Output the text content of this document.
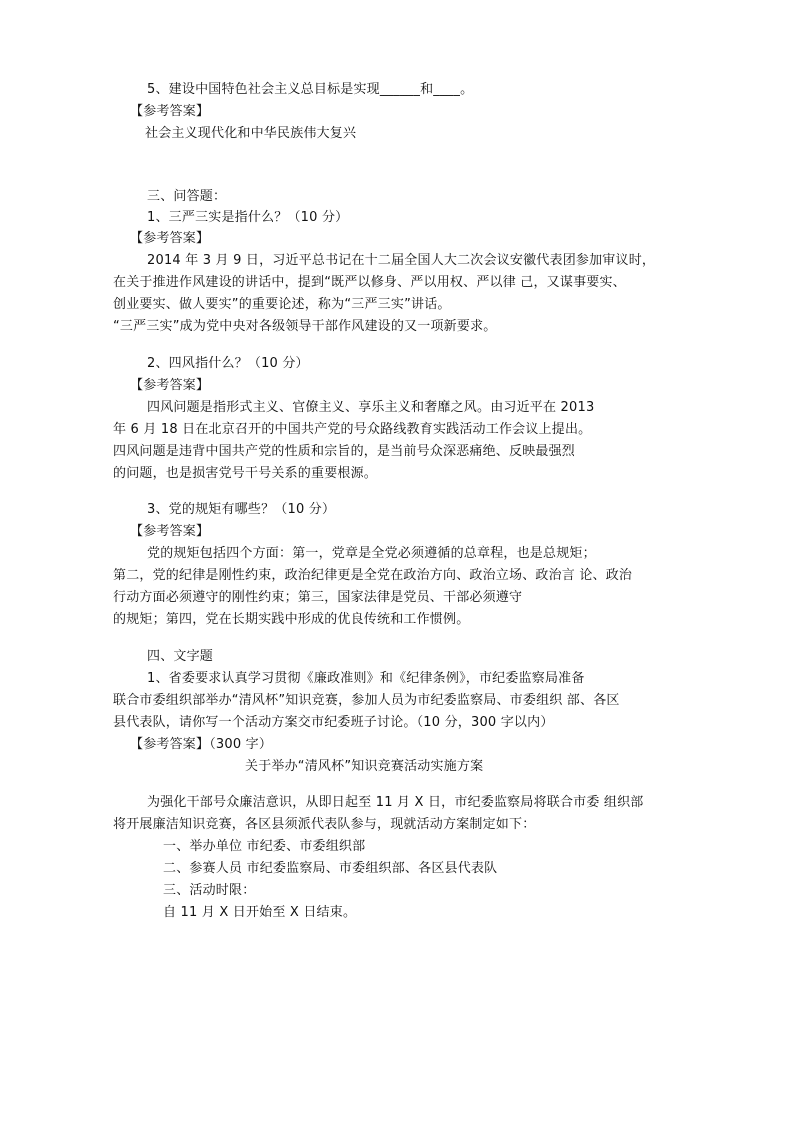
5、建设中国特色社会主义总目标是实现______和____。
【参考答案】
社会主义现代化和中华民族伟大复兴
三、问答题：
1、三严三实是指什么？（10 分）
【参考答案】
2014 年 3 月 9 日，习近平总书记在十二届全国人大二次会议安徽代表团参加审议时，
在关于推进作风建设的讲话中，提到“既严以修身、严以用权、严以律 己，又谋事要实、
创业要实、做人要实”的重要论述，称为“三严三实”讲话。
“三严三实”成为党中央对各级领导干部作风建设的又一项新要求。
2、四风指什么？（10 分）
【参考答案】
四风问题是指形式主义、官僚主义、享乐主义和奢靡之风。由习近平在 2013
年 6 月 18 日在北京召开的中国共产党的号众路线教育实践活动工作会议上提出。
四风问题是违背中国共产党的性质和宗旨的，是当前号众深恶痛绝、反映最强烈
的问题，也是损害党号干号关系的重要根源。
3、党的规矩有哪些？（10 分）
【参考答案】
党的规矩包括四个方面：第一，党章是全党必须遵循的总章程，也是总规矩；
第二，党的纪律是刚性约束，政治纪律更是全党在政治方向、政治立场、政治言 论、政治
行动方面必须遵守的刚性约束；第三，国家法律是党员、干部必须遵守
的规矩；第四，党在长期实践中形成的优良传统和工作惯例。
四、文字题
1、省委要求认真学习贯彻《廉政准则》和《纪律条例》，市纪委监察局准备
联合市委组织部举办“清风杯”知识竞赛，参加人员为市纪委监察局、市委组织 部、各区
县代表队，请你写一个活动方案交市纪委班子讨论。（10 分，300 字以内）
【参考答案】（300 字）
关于举办“清风杯”知识竞赛活动实施方案
为强化干部号众廉洁意识，从即日起至 11 月 X 日，市纪委监察局将联合市委 组织部
将开展廉洁知识竞赛，各区县须派代表队参与，现就活动方案制定如下：
一、举办单位 市纪委、市委组织部
二、参赛人员 市纪委监察局、市委组织部、各区县代表队
三、活动时限：
自 11 月 X 日开始至 X 日结束。
